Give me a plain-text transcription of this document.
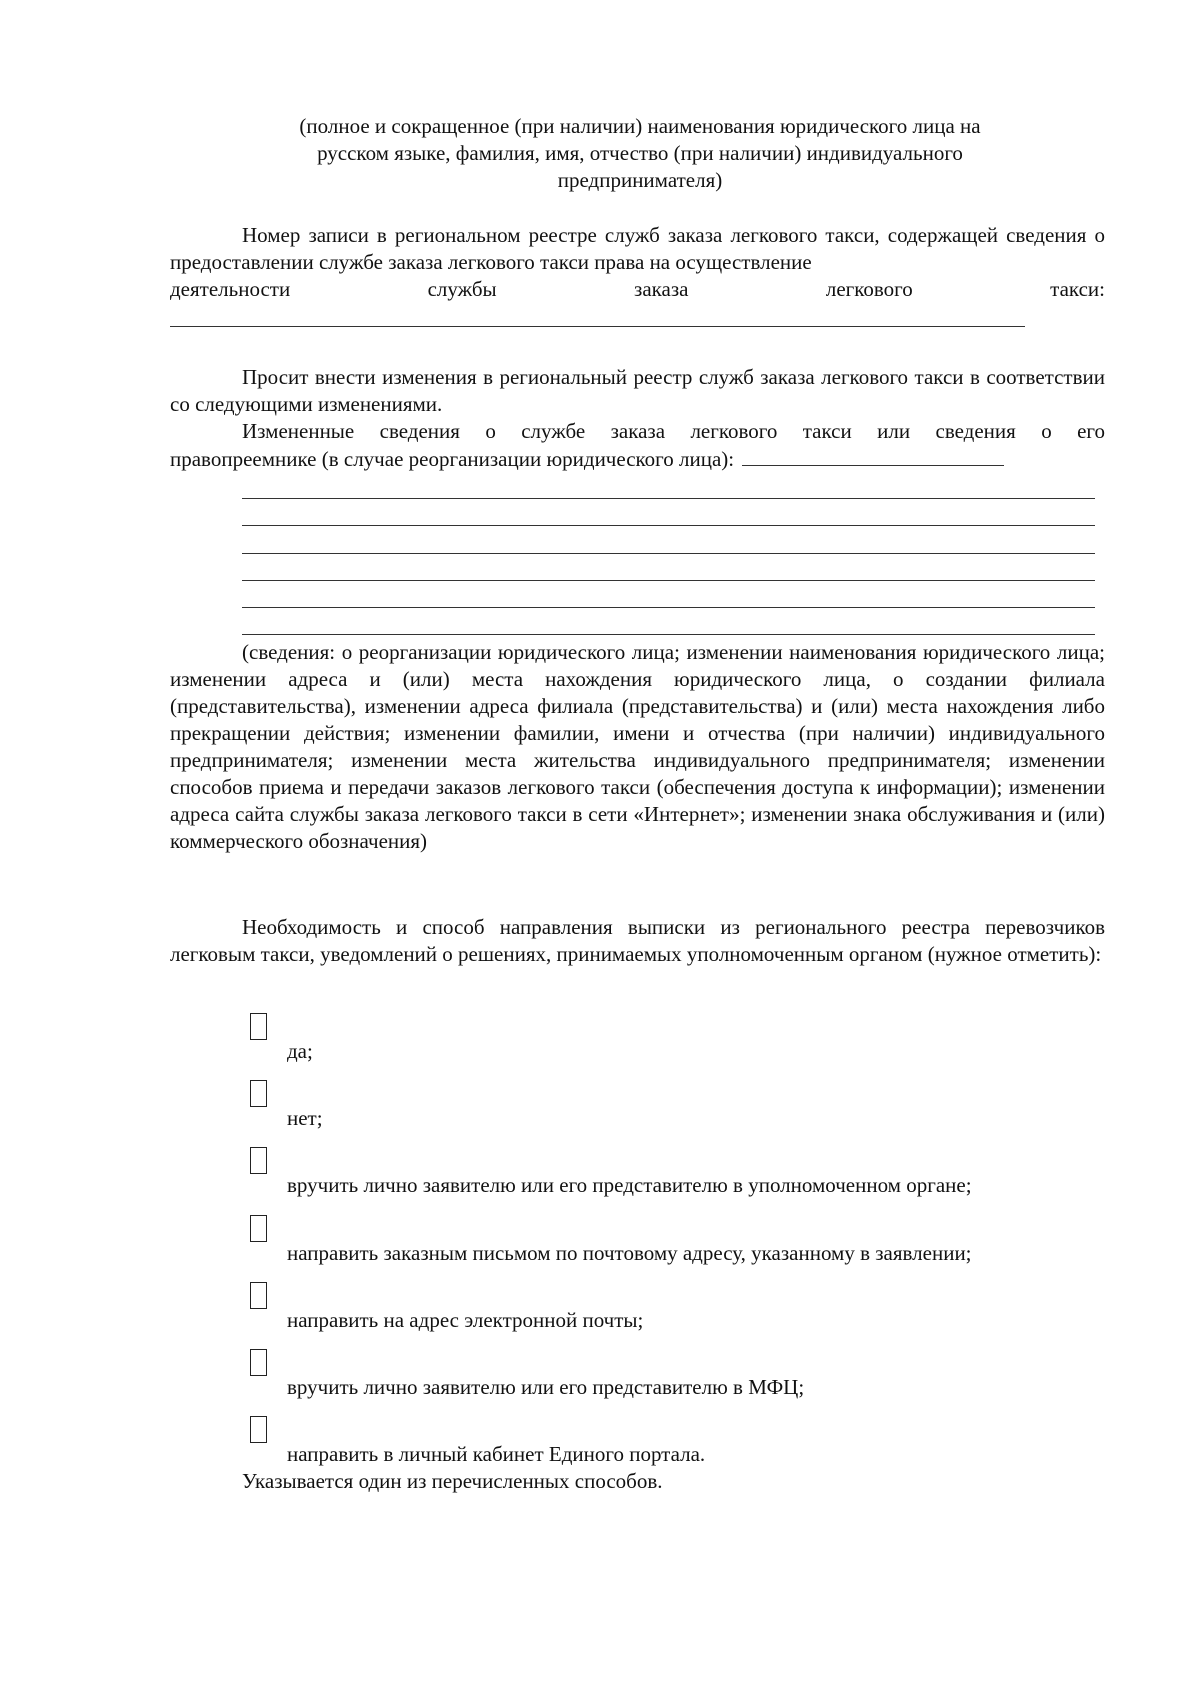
(полное и сокращенное (при наличии) наименования юридического лица на
русском языке, фамилия, имя, отчество (при наличии) индивидуального
предпринимателя)
Номер записи в региональном реестре служб заказа легкового такси, содержащей сведения о предоставлении службе заказа легкового такси права на осуществление
деятельности службы заказа легкового такси:
Просит внести изменения в региональный реестр служб заказа легкового такси в соответствии со следующими изменениями.
Измененные сведения о службе заказа легкового такси или сведения о его
правопреемнике (в случае реорганизации юридического лица):
(сведения: о реорганизации юридического лица; изменении наименования юридического лица; изменении адреса и (или) места нахождения юридического лица, о создании филиала (представительства), изменении адреса филиала (представительства) и (или) места нахождения либо прекращении действия; изменении фамилии, имени и отчества (при наличии) индивидуального предпринимателя; изменении места жительства индивидуального предпринимателя; изменении способов приема и передачи заказов легкового такси (обеспечения доступа к информации); изменении адреса сайта службы заказа легкового такси в сети «Интернет»; изменении знака обслуживания и (или) коммерческого обозначения)
Необходимость и способ направления выписки из регионального реестра перевозчиков легковым такси, уведомлений о решениях, принимаемых уполномоченным органом (нужное отметить):
да;
нет;
вручить лично заявителю или его представителю в уполномоченном органе;
направить заказным письмом по почтовому адресу, указанному в заявлении;
направить на адрес электронной почты;
вручить лично заявителю или его представителю в МФЦ;
направить в личный кабинет Единого портала.
Указывается один из перечисленных способов.
